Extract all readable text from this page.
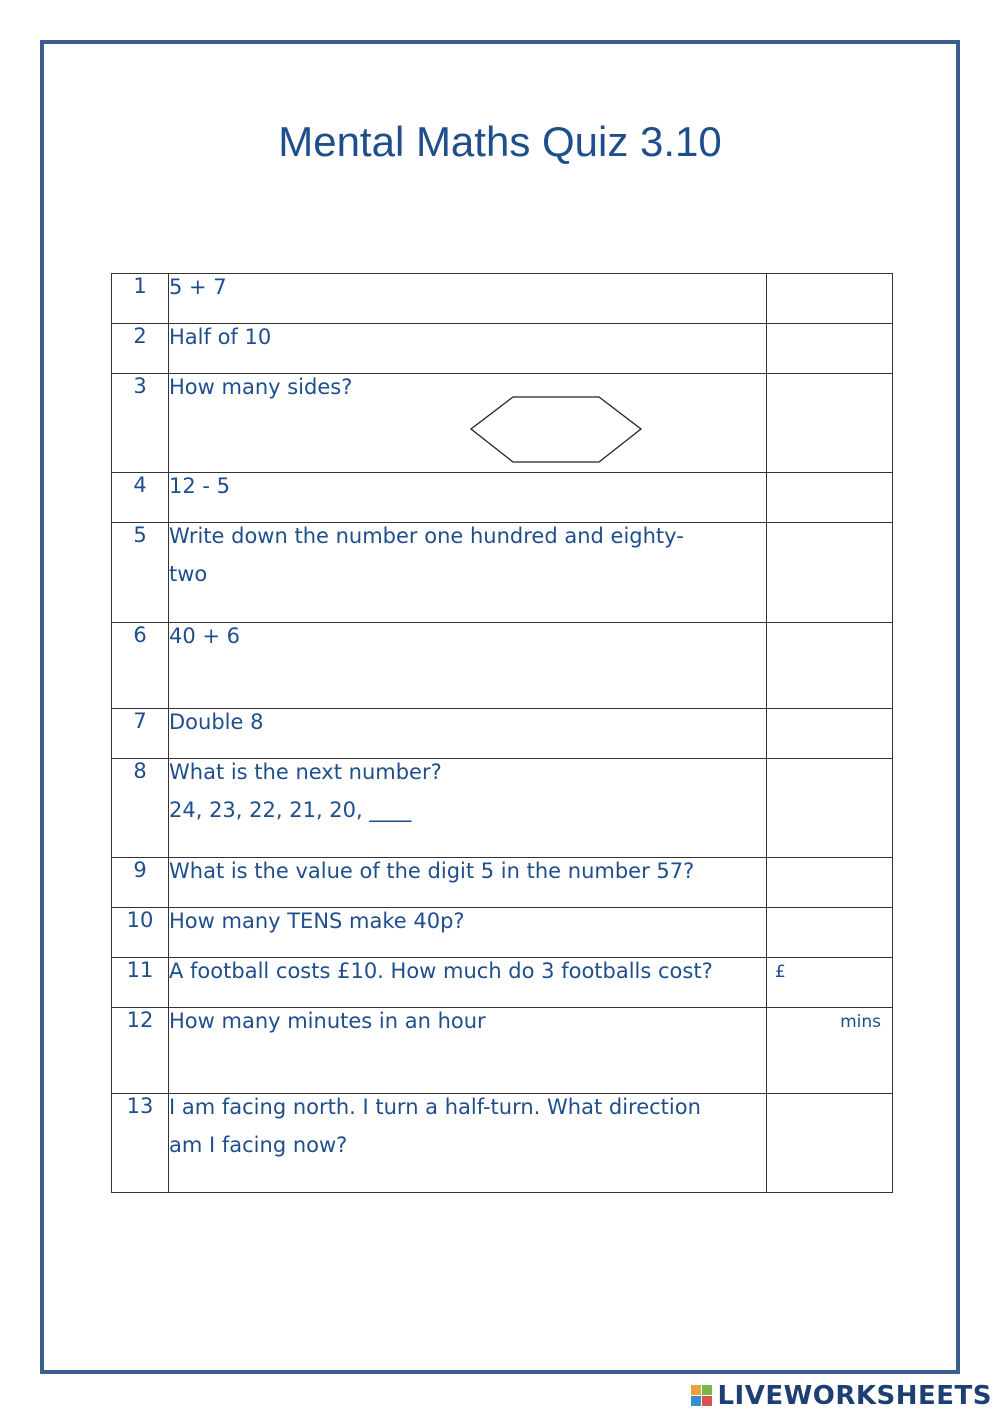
Mental Maths Quiz 3.10
1	5 + 7	

2	Half of 10	

3	How many sides?	

4	12 - 5	

5	Write down the number one hundred and eighty-
two	

6	40 + 6	

7	Double 8	

8	What is the next number?
24, 23, 22, 21, 20, ____	

9	What is the value of the digit 5 in the number 57?	

10	How many TENS make 40p?	

11	A football costs £10. How much do 3 footballs cost?	£

12	How many minutes in an hour	mins

13	I am facing north. I turn a half-turn. What direction
am I facing now?	

LIVEWORKSHEETS
